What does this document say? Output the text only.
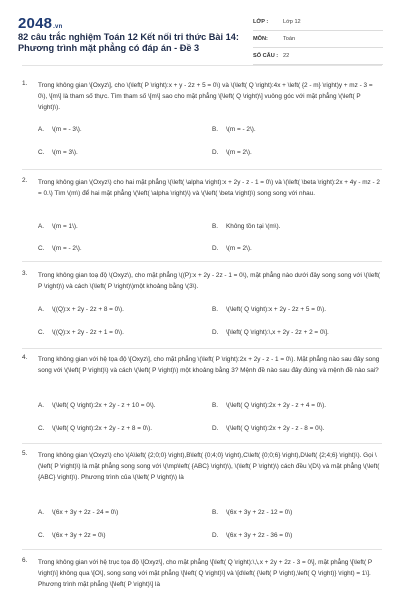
2048.vn
82 câu trắc nghiệm Toán 12 Kết nối tri thức Bài 14: Phương trình mặt phẳng có đáp án - Đề 3
LỚP :	Lớp 12
MÔN:	Toán
SỐ CÂU : 22
1. Trong không gian \[Oxyz\], cho \(\left( P \right):x + y - 2z + 5 = 0\) và \(\left( Q \right):4x + \left( {2 - m} \right)y + mz - 3 = 0\), \[m\] là tham số thực. Tìm tham số \[m\] sao cho mặt phẳng \[\left( Q \right)\] vuông góc với mặt phẳng \(\left( P \right)\).
A. \(m = - 3\).	B. \(m = - 2\).
C. \(m = 3\).	D. \(m = 2\).
2. Trong không gian \(Oxyz\) cho hai mặt phẳng \(\left( \alpha \right):x + 2y - z - 1 = 0\) và \(\left( \beta \right):2x + 4y - mz - 2 = 0.\) Tìm \(m\) để hai mặt phẳng \(\left( \alpha \right)\) và \(\left( \beta \right)\) song song với nhau.
A. \(m = 1\).	B. Không tồn tại \(m\).
C. \(m = - 2\).	D. \(m = 2\).
3. Trong không gian toạ độ \(Oxyz\), cho mặt phẳng \((P):x + 2y - 2z - 1 = 0\), mặt phẳng nào dưới đây song song với \(\left( P \right)\) và cách \(\left( P \right)\)một khoảng bằng \(3\).
A. \((Q):x + 2y - 2z + 8 = 0\).	B. \(\left( Q \right):x + 2y - 2z + 5 = 0\).
C. \((Q):x + 2y - 2z + 1 = 0\).	D. \[\left( Q \right):\,x + 2y - 2z + 2 = 0\].
4. Trong không gian với hệ tọa độ \[Oxyz\], cho mặt phẳng \(\left( P \right):2x + 2y - z - 1 = 0\). Mặt phẳng nào sau đây song song với \(\left( P \right)\) và cách \(\left( P \right)\) một khoảng bằng 3? Mệnh đề nào sau đây đúng và mệnh đề nào sai?
A. \(\left( Q \right):2x + 2y - z + 10 = 0\).	B. \(\left( Q \right):2x + 2y - z + 4 = 0\).
C. \(\left( Q \right):2x + 2y - z + 8 = 0\).	D. \(\left( Q \right):2x + 2y - z - 8 = 0\).
5. Trong không gian \(Oxyz\) cho \(A\left( {2;0;0} \right),B\left( {0;4;0} \right),C\left( {0;0;6} \right),D\left( {2;4;6} \right)\). Gọi \(\left( P \right)\) là mặt phẳng song song với \(\mp\left( {ABC} \right)\), \(\left( P \right)\) cách đều \(D\) và mặt phẳng \(\left( {ABC} \right)\). Phương trình của \(\left( P \right)\) là
A. \(6x + 3y + 2z - 24 = 0\)	B. \(6x + 3y + 2z - 12 = 0\)
C. \(6x + 3y + 2z = 0\)	D. \(6x + 3y + 2z - 36 = 0\)
6. Trong không gian với hệ trục tọa độ \[Oxyz\], cho mặt phẳng \[\left( Q \right):\,\,x + 2y + 2z - 3 = 0\], mặt phẳng \[\left( P \right)\] không qua \[O\], song song với mặt phẳng \[\left( Q \right)\] và \[d\left( {\left( P \right),\left( Q \right)} \right) = 1\]. Phương trình mặt phẳng \[\left( P \right)\] là
